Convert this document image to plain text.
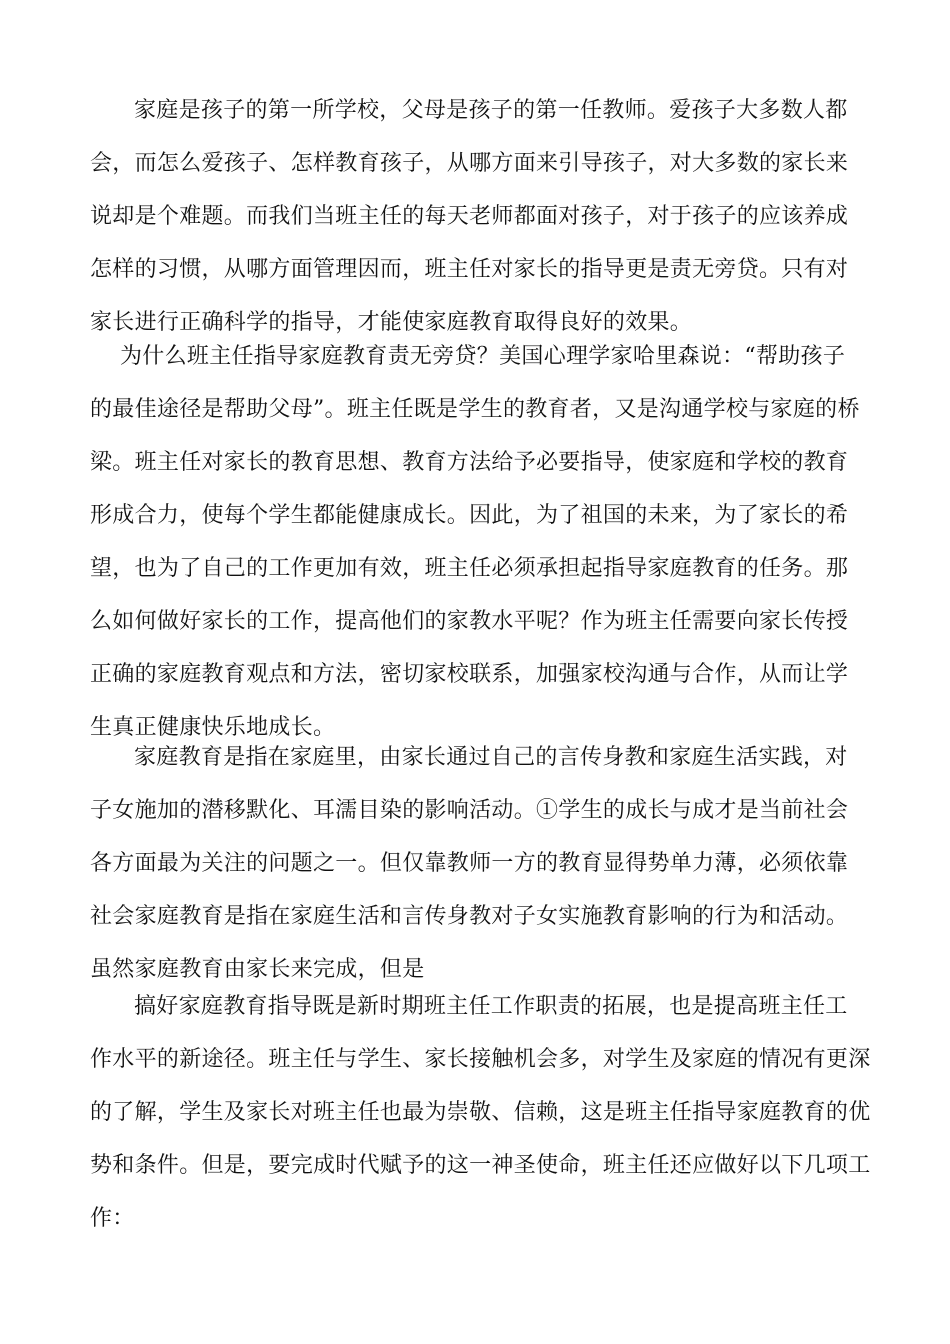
家庭是孩子的第一所学校，父母是孩子的第一任教师。爱孩子大多数人都
会，而怎么爱孩子、怎样教育孩子，从哪方面来引导孩子，对大多数的家长来
说却是个难题。而我们当班主任的每天老师都面对孩子，对于孩子的应该养成
怎样的习惯，从哪方面管理因而，班主任对家长的指导更是责无旁贷。只有对
家长进行正确科学的指导，才能使家庭教育取得良好的效果。
为什么班主任指导家庭教育责无旁贷？美国心理学家哈里森说：“帮助孩子
的最佳途径是帮助父母”。班主任既是学生的教育者，又是沟通学校与家庭的桥
梁。班主任对家长的教育思想、教育方法给予必要指导，使家庭和学校的教育
形成合力，使每个学生都能健康成长。因此，为了祖国的未来，为了家长的希
望，也为了自己的工作更加有效，班主任必须承担起指导家庭教育的任务。那
么如何做好家长的工作，提高他们的家教水平呢？作为班主任需要向家长传授
正确的家庭教育观点和方法，密切家校联系，加强家校沟通与合作，从而让学
生真正健康快乐地成长。
家庭教育是指在家庭里，由家长通过自己的言传身教和家庭生活实践，对
子女施加的潜移默化、耳濡目染的影响活动。①学生的成长与成才是当前社会
各方面最为关注的问题之一。但仅靠教师一方的教育显得势单力薄，必须依靠
社会家庭教育是指在家庭生活和言传身教对子女实施教育影响的行为和活动。
虽然家庭教育由家长来完成，但是
搞好家庭教育指导既是新时期班主任工作职责的拓展，也是提高班主任工
作水平的新途径。班主任与学生、家长接触机会多，对学生及家庭的情况有更深
的了解，学生及家长对班主任也最为崇敬、信赖，这是班主任指导家庭教育的优
势和条件。但是，要完成时代赋予的这一神圣使命，班主任还应做好以下几项工
作：
